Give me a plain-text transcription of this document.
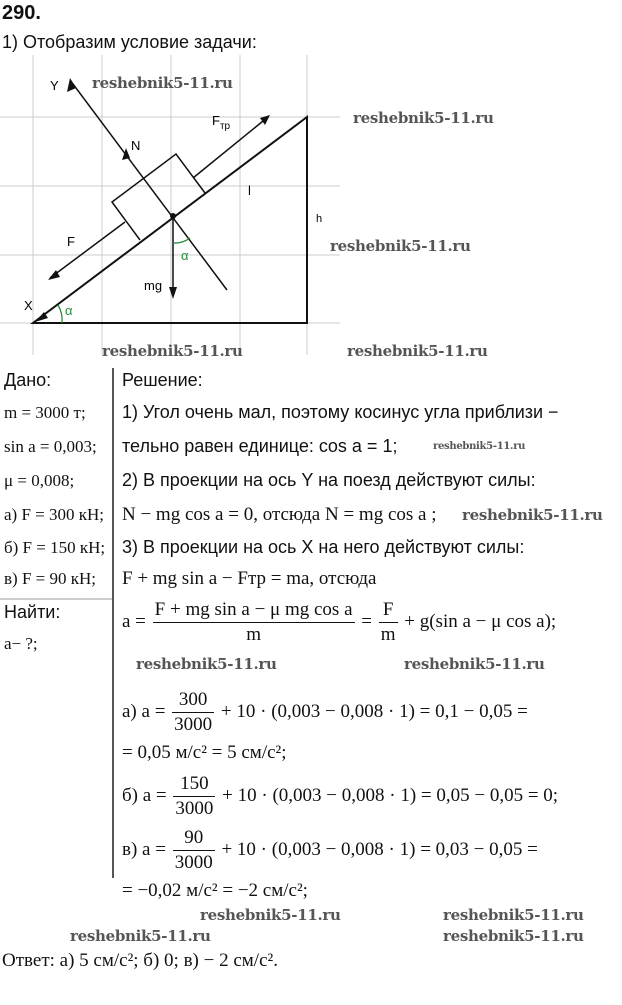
290.
1) Отобразим условие задачи:
Y
X
N
F
$F_{тр}$
l
h
mg
α
α
Дано:
m = 3000 т;
sin a = 0,003;
μ = 0,008;
а) F = 300 кН;
б) F = 150 кН;
в) F = 90 кН;
Найти:
a− ?;
Решение:
1) Угол очень мал, поэтому косинус угла приблизи −
тельно равен единице: cos a = 1;
2) В проекции на ось Y на поезд действуют силы:
N − mg cos a = 0, отсюда N = mg cos a ;
3) В проекции на ось X на него действуют силы:
F + mg sin a − Fтр = ma, отсюда
$a = \frac{\text{F + mg sin a − μ mg cos a}}{m} = \frac{F}{m} + g(\sin$ a − μ cos a);
а) $a = \frac{300}{3000} + 10 \cdot (0,003 - 0,008 \cdot 1) = 0,1 - 0,05$ =
= 0,05 м/с² = 5 см/с²;
б) $a = \frac{150}{3000} + 10 \cdot (0,003 - 0,008 \cdot 1) = 0,05 - 0,05 = 0$;
в) $a = \frac{90}{3000} + 10 \cdot (0,003 - 0,008 \cdot 1) = 0,03 - 0,05$ =
= −0,02 м/с² = −2 см/с²;
Ответ: а) 5 см/с²; б) 0; в) − 2 см/с².
reshebnik5-11.ru
reshebnik5-11.ru
reshebnik5-11.ru
reshebnik5-11.ru	reshebnik5-11.ru
reshebnik5-11.ru
reshebnik5-11.ru
reshebnik5-11.ru	reshebnik5-11.ru
reshebnik5-11.ru	reshebnik5-11.ru
reshebnik5-11.ru
reshebnik5-11.ru
